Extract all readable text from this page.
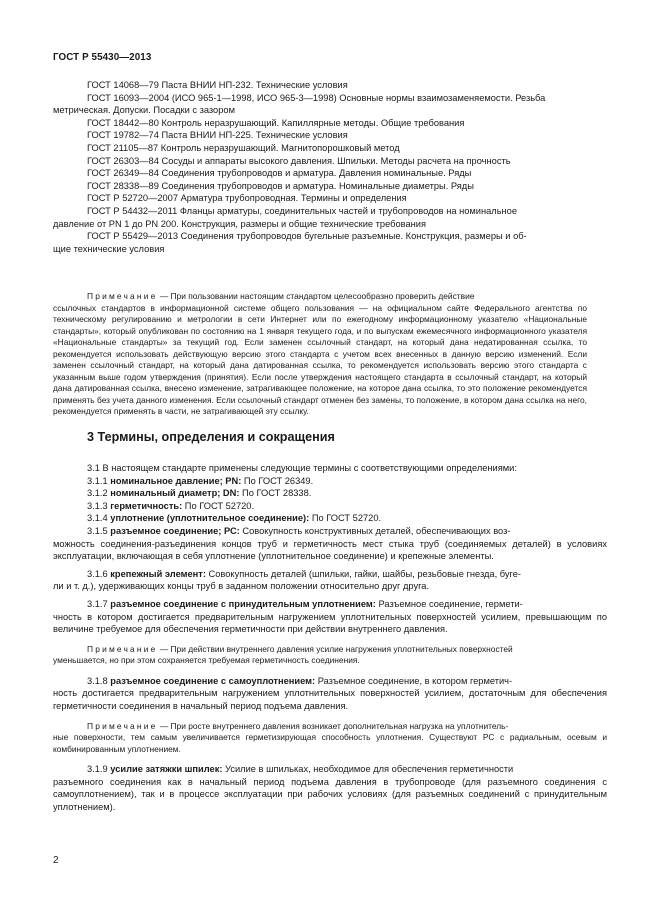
ГОСТ Р 55430—2013
ГОСТ 14068—79 Паста ВНИИ НП-232. Технические условия
ГОСТ 16093—2004 (ИСО 965-1—1998, ИСО 965-3—1998) Основные нормы взаимозаменяемости. Резьба
метрическая. Допуски. Посадки с зазором
ГОСТ 18442—80 Контроль неразрушающий. Капиллярные методы. Общие требования
ГОСТ 19782—74 Паста ВНИИ НП-225. Технические условия
ГОСТ 21105—87 Контроль неразрушающий. Магнитопорошковый метод
ГОСТ 26303—84 Сосуды и аппараты высокого давления. Шпильки. Методы расчета на прочность
ГОСТ 26349—84 Соединения трубопроводов и арматура. Давления номинальные. Ряды
ГОСТ 28338—89 Соединения трубопроводов и арматура. Номинальные диаметры. Ряды
ГОСТ Р 52720—2007 Арматура трубопроводная. Термины и определения
ГОСТ Р 54432—2011 Фланцы арматуры, соединительных частей и трубопроводов на номинальное
давление от PN 1 до PN 200. Конструкция, размеры и общие технические требования
ГОСТ Р 55429—2013 Соединения трубопроводов бугельные разъемные. Конструкция, размеры и об-
щие технические условия
Примечание — При пользовании настоящим стандартом целесообразно проверить действие
ссылочных стандартов в информационной системе общего пользования — на официальном сайте Федерального агентства по техническому регулированию и метрологии в сети Интернет или по ежегодному информационному указателю «Национальные стандарты», который опубликован по состоянию на 1 января текущего года, и по выпускам ежемесячного информационного указателя «Национальные стандарты» за текущий год. Если заменен ссылочный стандарт, на который дана недатированная ссылка, то рекомендуется использовать действующую версию этого стандарта с учетом всех внесенных в данную версию изменений. Если заменен ссылочный стандарт, на который дана датированная ссылка, то рекомендуется использовать версию этого стандарта с указанным выше годом утверждения (принятия). Если после утверждения настоящего стандарта в ссылочный стандарт, на который дана датированная ссылка, внесено изменение, затрагивающее положение, на которое дана ссылка, то это положение рекомендуется применять без учета данного изменения. Если ссылочный стандарт отменен без замены, то положение, в котором дана ссылка на него, рекомендуется применять в части, не затрагивающей эту ссылку.
3 Термины, определения и сокращения

3.1 В настоящем стандарте применены следующие термины с соответствующими определениями:

3.1.1 номинальное давление; PN: По ГОСТ 26349.

3.1.2 номинальный диаметр; DN: По ГОСТ 28338.

3.1.3 герметичность: По ГОСТ 52720.

3.1.4 уплотнение (уплотнительное соединение): По ГОСТ 52720.

3.1.5 разъемное соединение; РС: Совокупность конструктивных деталей, обеспечивающих воз-

можность соединения-разъединения концов труб и герметичность мест стыка труб (соединяемых деталей) в условиях эксплуатации, включающая в себя уплотнение (уплотнительное соединение) и крепежные элементы.

3.1.6 крепежный элемент: Совокупность деталей (шпильки, гайки, шайбы, резьбовые гнезда, буге-

ли и т. д.), удерживающих концы труб в заданном положении относительно друг друга.

3.1.7 разъемное соединение с принудительным уплотнением: Разъемное соединение, гермети-

чность в котором достигается предварительным нагружением уплотнительных поверхностей усилием, превышающим по величине требуемое для обеспечения герметичности при действии внутреннего давления.

Примечание — При действии внутреннего давления усилие нагружения уплотнительных поверхностей
уменьшается, но при этом сохраняется требуемая герметичность соединения.

3.1.8 разъемное соединение с самоуплотнением: Разъемное соединение, в котором герметич-

ность достигается предварительным нагружением уплотнительных поверхностей усилием, достаточным для обеспечения герметичности соединения в начальный период подъема давления.

Примечание — При росте внутреннего давления возникает дополнительная нагрузка на уплотнитель-
ные поверхности, тем самым увеличивается герметизирующая способность уплотнения. Существуют РС с радиальным, осевым и комбинированным уплотнением.

3.1.9 усилие затяжки шпилек: Усилие в шпильках, необходимое для обеспечения герметичности

разъемного соединения как в начальный период подъема давления в трубопроводе (для разъемного соединения с самоуплотнением), так и в процессе эксплуатации при рабочих условиях (для разъемных соединений с принудительным уплотнением).

2
